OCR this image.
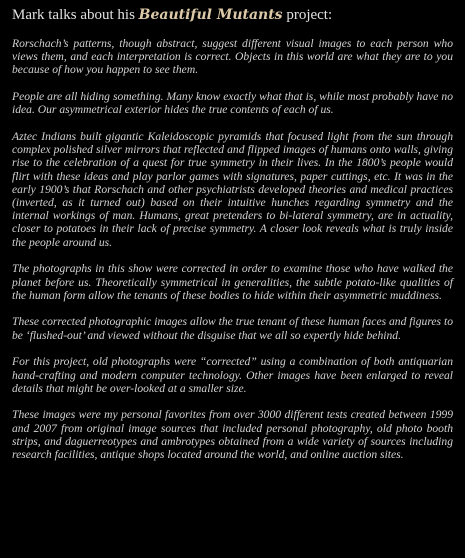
Mark talks about his Beautiful Mutants project:

Rorschach’s patterns, though abstract, suggest different visual images to each person who views them, and each interpretation is correct. Objects in this world are what they are to you because of how you happen to see them.

People are all hiding something. Many know exactly what that is, while most probably have no idea. Our asymmetrical exterior hides the true contents of each of us.

Aztec Indians built gigantic Kaleidoscopic pyramids that focused light from the sun through complex polished silver mirrors that reflected and flipped images of humans onto walls, giving rise to the celebration of a quest for true symmetry in their lives. In the 1800’s people would flirt with these ideas and play parlor games with signatures, paper cuttings, etc. It was in the early 1900’s that Rorschach and other psychiatrists developed theories and medical practices (inverted, as it turned out) based on their intuitive hunches regarding symmetry and the internal workings of man. Humans, great pretenders to bi-lateral symmetry, are in actuality, closer to potatoes in their lack of precise symmetry. A closer look reveals what is truly inside the people around us.

The photographs in this show were corrected in order to examine those who have walked the planet before us. Theoretically symmetrical in generalities, the subtle potato-like qualities of the human form allow the tenants of these bodies to hide within their asymmetric muddiness.

These corrected photographic images allow the true tenant of these human faces and figures to be ‘flushed-out’ and viewed without the disguise that we all so expertly hide behind.

For this project, old photographs were “corrected” using a combination of both antiquarian hand-crafting and modern computer technology. Other images have been enlarged to reveal details that might be over-looked at a smaller size.

These images were my personal favorites from over 3000 different tests created between 1999 and 2007 from original image sources that included personal photography, old photo booth strips, and daguerreotypes and ambrotypes obtained from a wide variety of sources including research facilities, antique shops located around the world, and online auction sites.
